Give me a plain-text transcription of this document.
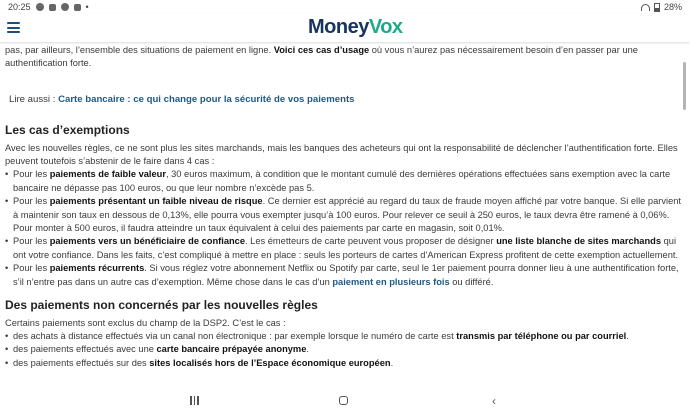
20:25	•	28%
MoneyVox

pas, par ailleurs, l’ensemble des situations de paiement en ligne. Voici ces cas d’usage où vous n’aurez pas nécessairement besoin d’en passer par une authentification forte.

Lire aussi : Carte bancaire : ce qui change pour la sécurité de vos paiements

Les cas d’exemptions

Avec les nouvelles règles, ce ne sont plus les sites marchands, mais les banques des acheteurs qui ont la responsabilité de déclencher l’authentification forte. Elles peuvent toutefois s’abstenir de le faire dans 4 cas :

• Pour les paiements de faible valeur, 30 euros maximum, à condition que le montant cumulé des dernières opérations effectuées sans exemption avec la carte bancaire ne dépasse pas 100 euros, ou que leur nombre n’excède pas 5.
• Pour les paiements présentant un faible niveau de risque. Ce dernier est apprécié au regard du taux de fraude moyen affiché par votre banque. Si elle parvient à maintenir son taux en dessous de 0,13%, elle pourra vous exempter jusqu’à 100 euros. Pour relever ce seuil à 250 euros, le taux devra être ramené à 0,06%. Pour monter à 500 euros, il faudra atteindre un taux équivalent à celui des paiements par carte en magasin, soit 0,01%.
• Pour les paiements vers un bénéficiaire de confiance. Les émetteurs de carte peuvent vous proposer de désigner une liste blanche de sites marchands qui ont votre confiance. Dans les faits, c’est compliqué à mettre en place : seuls les porteurs de cartes d’American Express profitent de cette exemption actuellement.
• Pour les paiements récurrents. Si vous réglez votre abonnement Netflix ou Spotify par carte, seul le 1er paiement pourra donner lieu à une authentification forte, s’il n’entre pas dans un autre cas d’exemption. Même chose dans le cas d’un paiement en plusieurs fois ou différé.
Des paiements non concernés par les nouvelles règles

Certains paiements sont exclus du champ de la DSP2. C’est le cas :

• des achats à distance effectués via un canal non électronique : par exemple lorsque le numéro de carte est transmis par téléphone ou par courriel.
• des paiements effectués avec une carte bancaire prépayée anonyme.
• des paiements effectués sur des sites localisés hors de l’Espace économique européen.
‹
